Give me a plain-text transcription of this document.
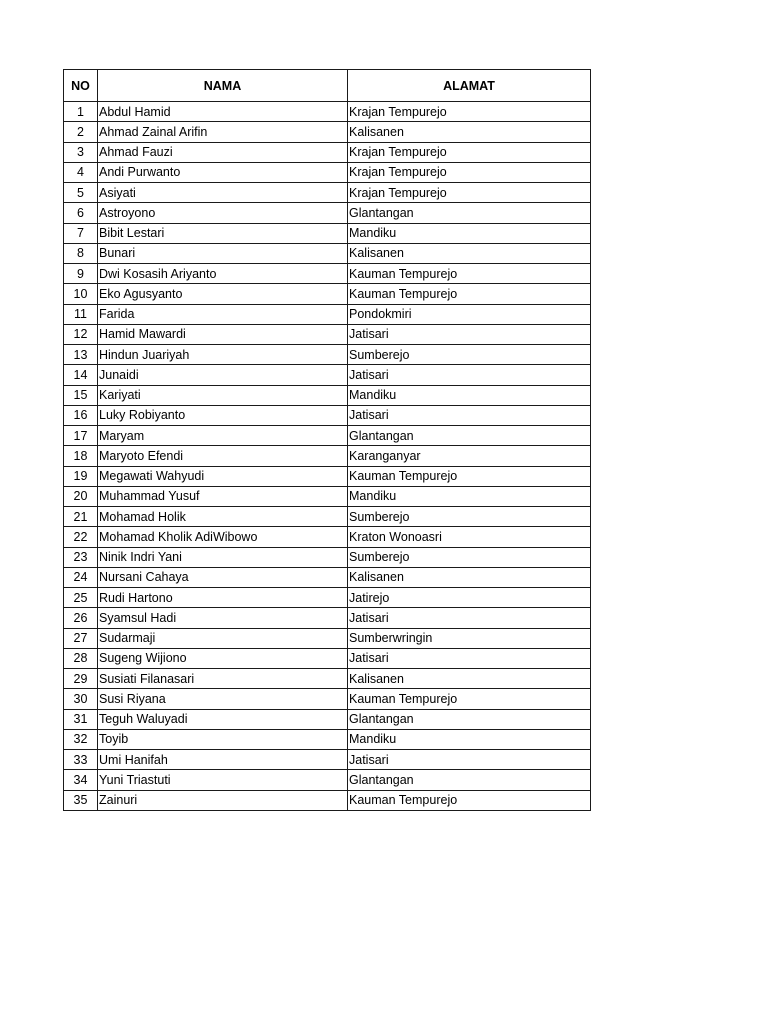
NO	NAMA	ALAMAT
1	Abdul Hamid	Krajan Tempurejo
2	Ahmad Zainal Arifin	Kalisanen
3	Ahmad Fauzi	Krajan Tempurejo
4	Andi Purwanto	Krajan Tempurejo
5	Asiyati	Krajan Tempurejo
6	Astroyono	Glantangan
7	Bibit Lestari	Mandiku
8	Bunari	Kalisanen
9	Dwi Kosasih Ariyanto	Kauman Tempurejo
10	Eko Agusyanto	Kauman Tempurejo
11	Farida	Pondokmiri
12	Hamid Mawardi	Jatisari
13	Hindun Juariyah	Sumberejo
14	Junaidi	Jatisari
15	Kariyati	Mandiku
16	Luky Robiyanto	Jatisari
17	Maryam	Glantangan
18	Maryoto Efendi	Karanganyar
19	Megawati Wahyudi	Kauman Tempurejo
20	Muhammad Yusuf	Mandiku
21	Mohamad Holik	Sumberejo
22	Mohamad Kholik AdiWibowo	Kraton Wonoasri
23	Ninik Indri Yani	Sumberejo
24	Nursani Cahaya	Kalisanen
25	Rudi Hartono	Jatirejo
26	Syamsul Hadi	Jatisari
27	Sudarmaji	Sumberwringin
28	Sugeng Wijiono	Jatisari
29	Susiati Filanasari	Kalisanen
30	Susi Riyana	Kauman Tempurejo
31	Teguh Waluyadi	Glantangan
32	Toyib	Mandiku
33	Umi Hanifah	Jatisari
34	Yuni Triastuti	Glantangan
35	Zainuri	Kauman Tempurejo
